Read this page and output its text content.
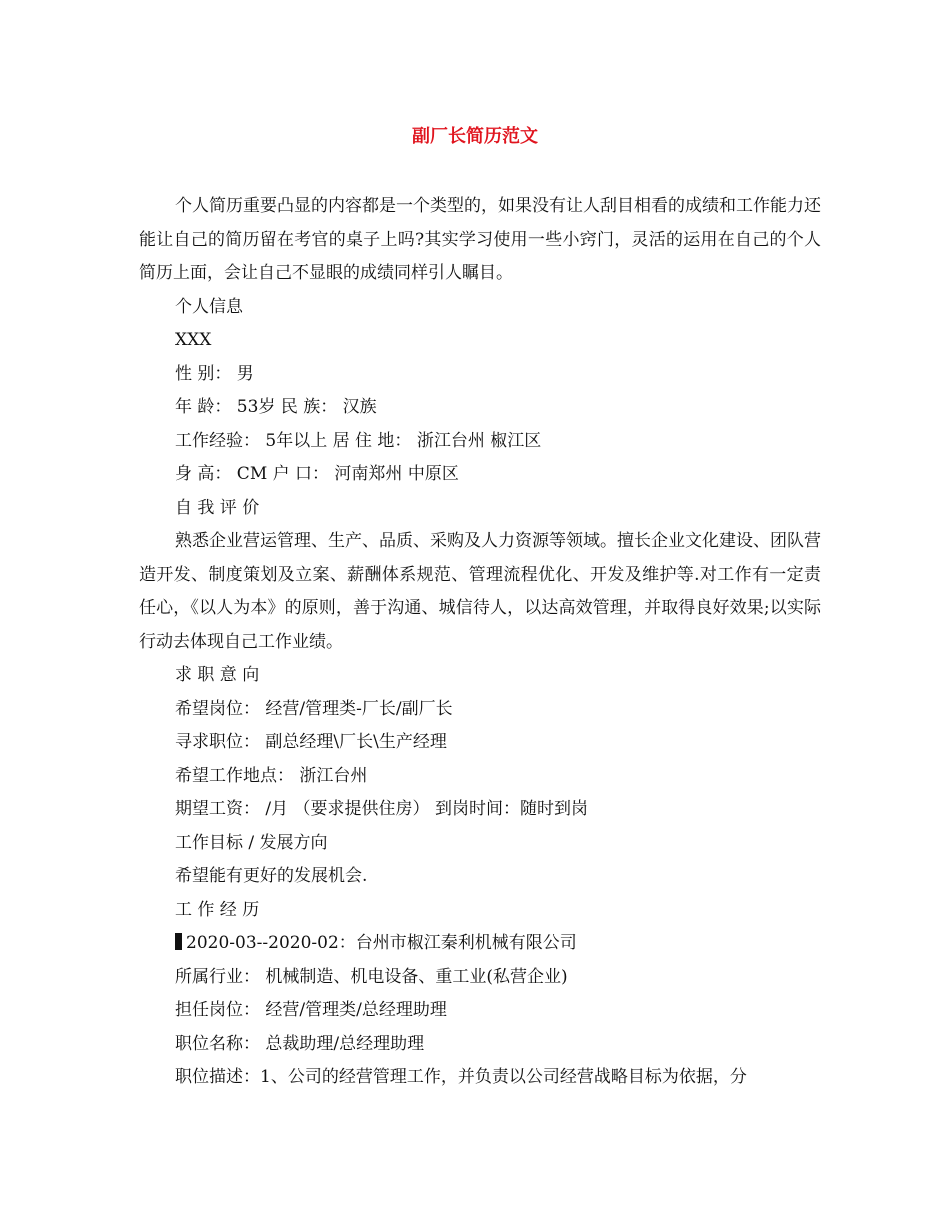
副厂长简历范文

个人简历重要凸显的内容都是一个类型的，如果没有让人刮目相看的成绩和工作能力还能让自己的简历留在考官的桌子上吗?其实学习使用一些小窍门，灵活的运用在自己的个人简历上面，会让自己不显眼的成绩同样引人瞩目。

个人信息

XXX

性 别： 男

年 龄： 53岁 民 族： 汉族

工作经验： 5年以上 居 住 地： 浙江台州 椒江区

身 高： CM 户 口： 河南郑州 中原区

自 我 评 价

熟悉企业营运管理、生产、品质、采购及人力资源等领域。擅长企业文化建设、团队营造开发、制度策划及立案、薪酬体系规范、管理流程优化、开发及维护等.对工作有一定责任心，《以人为本》的原则，善于沟通、城信待人，以达高效管理，并取得良好效果;以实际行动去体现自己工作业绩。

求 职 意 向

希望岗位： 经营/管理类-厂长/副厂长

寻求职位： 副总经理\厂长\生产经理

希望工作地点： 浙江台州

期望工资： /月 （要求提供住房） 到岗时间：随时到岗

工作目标 / 发展方向

希望能有更好的发展机会.

工 作 经 历

2020-03--2020-02：台州市椒江秦利机械有限公司

所属行业： 机械制造、机电设备、重工业(私营企业)

担任岗位： 经营/管理类/总经理助理

职位名称： 总裁助理/总经理助理

职位描述：1、公司的经营管理工作，并负责以公司经营战略目标为依据，分
